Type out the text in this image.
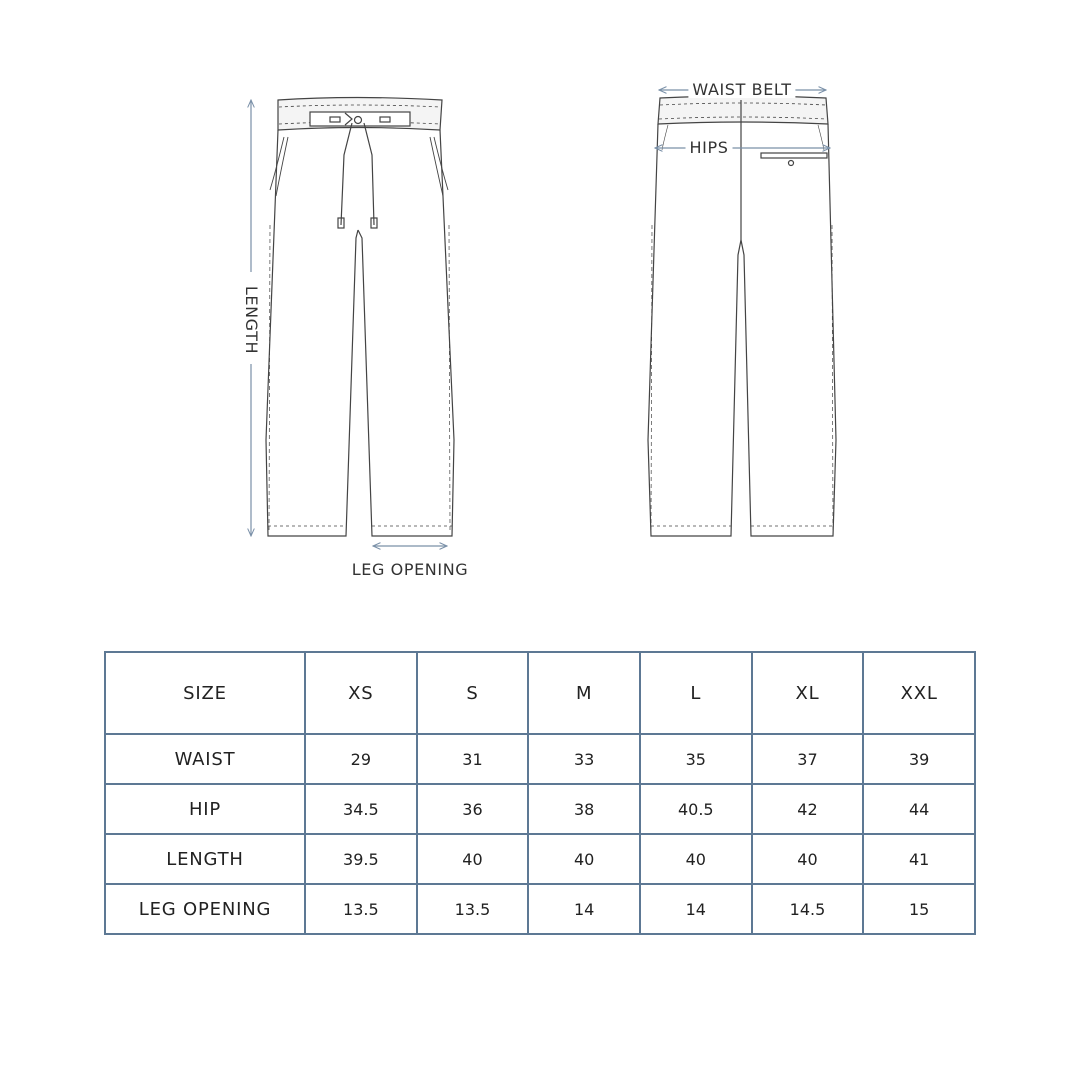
LENGTH
LEG OPENING
WAIST BELT
HIPS
SIZE	XS	S	M	L	XL	XXL
WAIST	29	31	33	35	37	39
HIP	34.5	36	38	40.5	42	44
LENGTH	39.5	40	40	40	40	41
LEG OPENING	13.5	13.5	14	14	14.5	15
